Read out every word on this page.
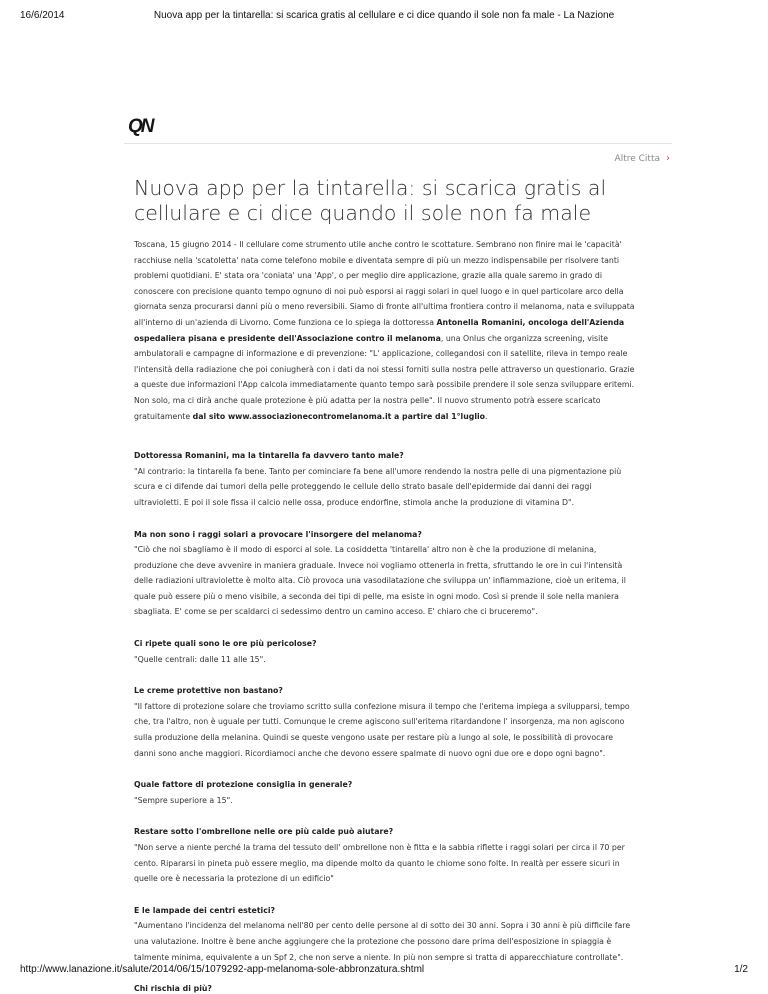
16/6/2014	Nuova app per la tintarella: si scarica gratis al cellulare e ci dice quando il sole non fa male - La Nazione
QN
Altre Citta ›
Nuova app per la tintarella: si scarica gratis al cellulare e ci dice quando il sole non fa male

Toscana, 15 giugno 2014 - Il cellulare come strumento utile anche contro le scottature. Sembrano non finire mai le 'capacità' racchiuse nella 'scatoletta' nata come telefono mobile e diventata sempre di più un mezzo indispensabile per risolvere tanti problemi quotidiani. E' stata ora 'coniata' una 'App', o per meglio dire applicazione, grazie alla quale saremo in grado di conoscere con precisione quanto tempo ognuno di noi può esporsi ai raggi solari in quel luogo e in quel particolare arco della giornata senza procurarsi danni più o meno reversibili. Siamo di fronte all'ultima frontiera contro il melanoma, nata e sviluppata all'interno di un'azienda di Livorno. Come funziona ce lo spiega la dottoressa Antonella Romanini, oncologa dell'Azienda ospedaliera pisana e presidente dell'Associazione contro il melanoma, una Onlus che organizza screening, visite ambulatorali e campagne di informazione e di prevenzione: "L' applicazione, collegandosi con il satellite, rileva in tempo reale l'intensità della radiazione che poi coniugherà con i dati da noi stessi forniti sulla nostra pelle attraverso un questionario. Grazie a queste due informazioni l'App calcola immediatamente quanto tempo sarà possibile prendere il sole senza sviluppare eritemi. Non solo, ma ci dirà anche quale protezione è più adatta per la nostra pelle". Il nuovo strumento potrà essere scaricato gratuitamente dal sito www.associazionecontromelanoma.it a partire dal 1°luglio.

Dottoressa Romanini, ma la tintarella fa davvero tanto male?

"Al contrario: la tintarella fa bene. Tanto per cominciare fa bene all'umore rendendo la nostra pelle di una pigmentazione più scura e ci difende dai tumori della pelle proteggendo le cellule dello strato basale dell'epidermide dai danni dei raggi ultravioletti. E poi il sole fissa il calcio nelle ossa, produce endorfine, stimola anche la produzione di vitamina D".

Ma non sono i raggi solari a provocare l'insorgere del melanoma?

"Ciò che noi sbagliamo è il modo di esporci al sole. La cosiddetta 'tintarella' altro non è che la produzione di melanina, produzione che deve avvenire in maniera graduale. Invece noi vogliamo ottenerla in fretta, sfruttando le ore in cui l'intensità delle radiazioni ultraviolette è molto alta. Ciò provoca una vasodilatazione che sviluppa un' infiammazione, cioè un eritema, il quale può essere più o meno visibile, a seconda dei tipi di pelle, ma esiste in ogni modo. Così si prende il sole nella maniera sbagliata. E' come se per scaldarci ci sedessimo dentro un camino acceso. E' chiaro che ci bruceremo".

Ci ripete quali sono le ore più pericolose?

"Quelle centrali: dalle 11 alle 15".

Le creme protettive non bastano?

"Il fattore di protezione solare che troviamo scritto sulla confezione misura il tempo che l'eritema impiega a svilupparsi, tempo che, tra l'altro, non è uguale per tutti. Comunque le creme agiscono sull'eritema ritardandone l' insorgenza, ma non agiscono sulla produzione della melanina. Quindi se queste vengono usate per restare più a lungo al sole, le possibilità di provocare danni sono anche maggiori. Ricordiamoci anche che devono essere spalmate di nuovo ogni due ore e dopo ogni bagno".

Quale fattore di protezione consiglia in generale?

"Sempre superiore a 15".

Restare sotto l'ombrellone nelle ore più calde può aiutare?

"Non serve a niente perché la trama del tessuto dell' ombrellone non è fitta e la sabbia riflette i raggi solari per circa il 70 per cento. Ripararsi in pineta può essere meglio, ma dipende molto da quanto le chiome sono folte. In realtà per essere sicuri in quelle ore è necessaria la protezione di un edificio"

E le lampade dei centri estetici?

"Aumentano l'incidenza del melanoma nell'80 per cento delle persone al di sotto dei 30 anni. Sopra i 30 anni è più difficile fare una valutazione. Inoltre è bene anche aggiungere che la protezione che possono dare prima dell'esposizione in spiaggia è talmente minima, equivalente a un Spf 2, che non serve a niente. In più non sempre si tratta di apparecchiature controllate".

Chi rischia di più?

http://www.lanazione.it/salute/2014/06/15/1079292-app-melanoma-sole-abbronzatura.shtml	1/2
